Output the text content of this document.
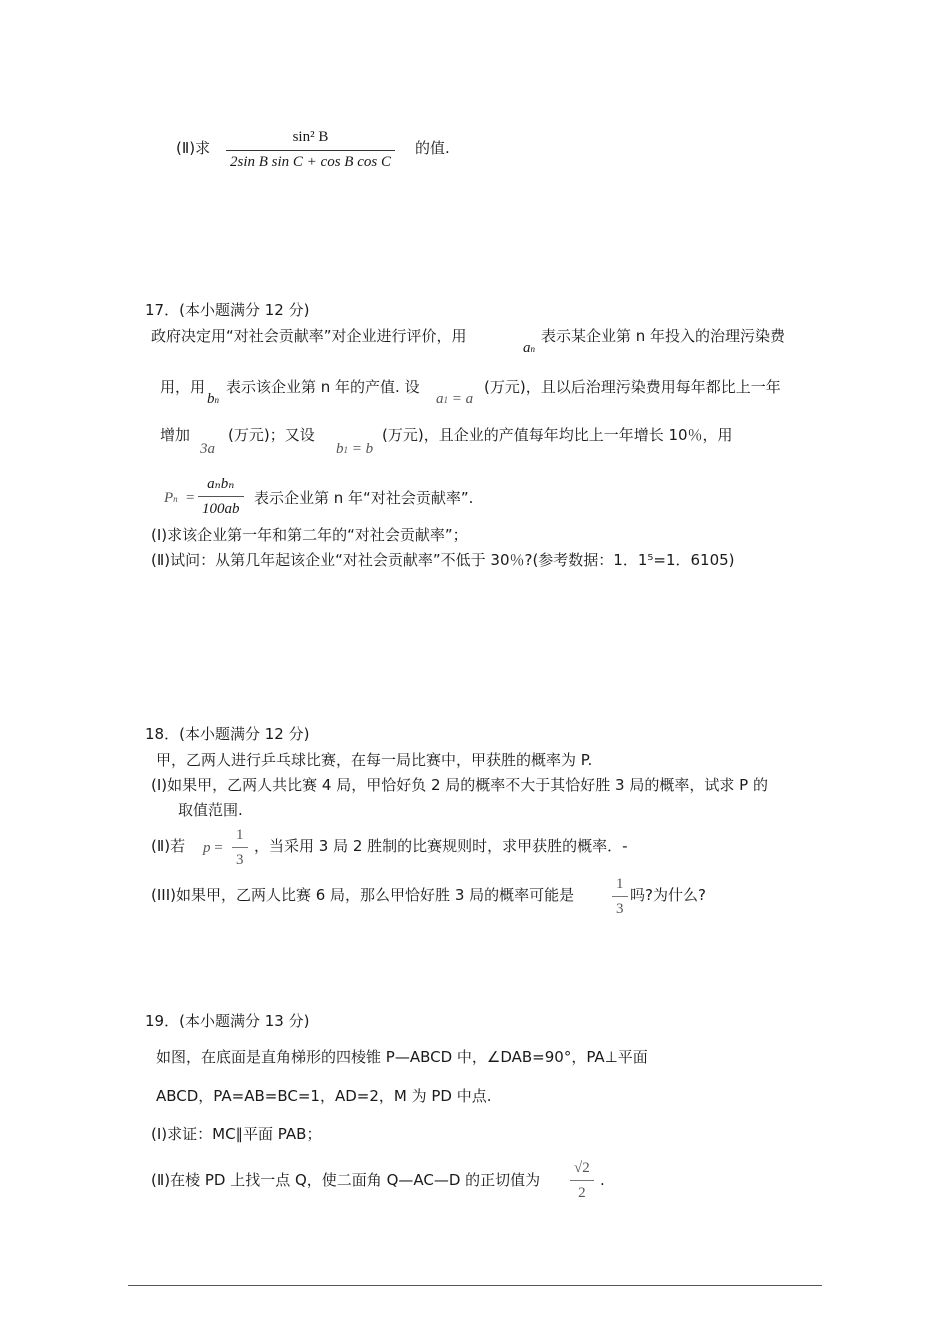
(Ⅱ)求 $\frac{\text{sin² B}}{\text{2sin B sin C + cos B cos C}}$ 的值.
17．(本小题满分 12 分)
政府决定用“对社会贡献率”对企业进行评价，用
an
表示某企业第 n 年投入的治理污染费
用，用
bn
表示该企业第 n 年的产值. 设
a1 = a
(万元)，且以后治理污染费用每年都比上一年
增加
3a
(万元)；又设
b1 = b
(万元)，且企业的产值每年均比上一年增长 10％，用
$Pn = \frac{\text{aₙbₙ}}{100ab}$ 表示企业第 n 年“对社会贡献率”.
(I)求该企业第一年和第二年的“对社会贡献率”；
(Ⅱ)试问：从第几年起该企业“对社会贡献率”不低于 30％?(参考数据：1．1⁵=1．6105)
18．(本小题满分 12 分)
甲，乙两人进行乒乓球比赛，在每一局比赛中，甲获胜的概率为 P.
(I)如果甲，乙两人共比赛 4 局，甲恰好负 2 局的概率不大于其恰好胜 3 局的概率，试求 P 的
取值范围.
(Ⅱ)若 $p = \frac{1}{3}$ ，当采用 3 局 2 胜制的比赛规则时，求甲获胜的概率．-
(III)如果甲，乙两人比赛 6 局，那么甲恰好胜 3 局的概率可能是	$\frac{1}{3}$ 吗?为什么?
19．(本小题满分 13 分)
如图，在底面是直角梯形的四棱锥 P—ABCD 中，∠DAB=90°，PA⊥平面
ABCD，PA=AB=BC=1，AD=2，M 为 PD 中点.
(I)求证：MC∥平面 PAB；
(Ⅱ)在棱 PD 上找一点 Q，使二面角 Q—AC—D 的正切值为 $\frac{√2}{2}$ .
